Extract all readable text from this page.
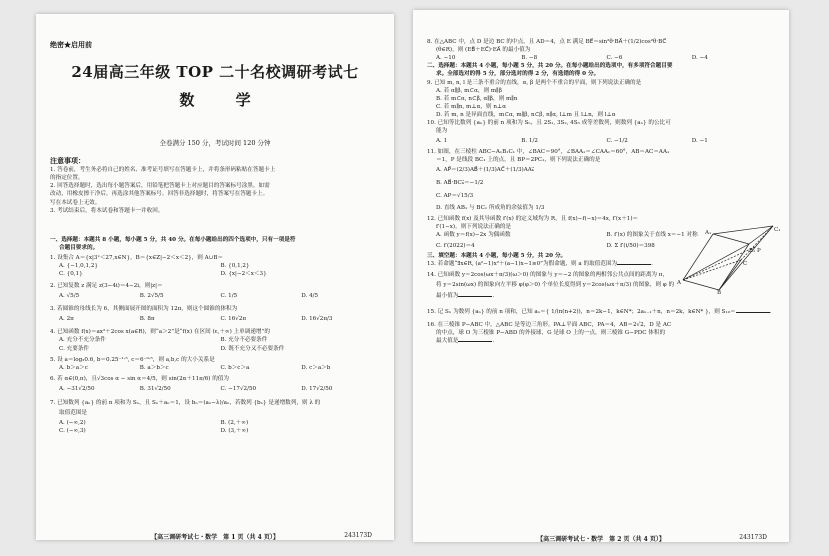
绝密★启用前
24届高三年级 TOP 二十名校调研考试七
数 学
全卷满分 150 分，考试时间 120 分钟

注意事项：

1. 答卷前，考生务必将自己的姓名、准考证号填写在答题卡上，并将条形码粘贴在答题卡上

的指定位置。

2. 回答选择题时，选出每小题答案后，用铅笔把答题卡上对应题目的答案标号涂黑。如需

改动，用橡皮擦干净后，再选涂其他答案标号。回答非选择题时，将答案写在答题卡上。

写在本试卷上无效。

3. 考试结束后，将本试卷和答题卡一并收回。

一、选择题：本题共 8 小题，每小题 5 分，共 40 分。在每小题给出的四个选项中，只有一项是符

合题目要求的。

1. 设集合 A＝{x|3ˣ＜27,x∈N}，B＝{x∈Z|−2＜x＜2}，则 A∪B＝

A. {−1,0,1,2}	B. {0,1,2}
C. {0,1}	D. {x|−2＜x＜3}

2. 已知复数 z 满足 z(3−4i)＝4−2i，则|z|＝

A. √5/5	B. 2√5/5	C. 1/5	D. 4/5

3. 若圆锥的母线长为 6，其侧面展开图的面积为 12π，则这个圆锥的体积为

A. 2π	B. 8π	C. 16√2π	D. 16√2π/3

4. 已知函数 f(x)＝ax²＋2cos x(a∈R)，则“a＞2”是“f(x) 在区间 (ε,＋∞) 上单调递增”的

A. 充分不充分条件	B. 充分不必要条件
C. 充要条件	D. 既不充分又不必要条件

5. 设 a＝log₃0.6, b＝0.25⁻¹·⁵, c＝6⁻⁰·⁵，则 a,b,c 的大小关系是

A. b＞a＞c	B. a＞b＞c	C. b＞c＞a	D. c＞a＞b

6. 若 α∈(0,π)，且√3cos α − sin α＝4/5，则 sin(2α＋11π/6) 的值为

A. −31√2/50	B. 31√2/50	C. −17√2/50	D. 17√2/50

7. 已知数列 {aₙ} 的前 n 项和为 Sₙ，且 Sₙ＋aₙ＝1，设 bₙ＝(aₙ−λ)/aₙ，若数列 {bₙ} 是递增数列，则 λ 的

取值范围是

A. (−∞,2)	B. (2,＋∞)
C. (−∞,3)	D. (3,＋∞)
【高三调研考试七・数学　第 1 页（共 4 页）】	243173D

8. 在△ABC 中，点 D 是边 BC 的中点，且 AD＝4，点 E 满足 BE⃗＝sin²θ·BA⃗＋(1/2)cos²θ·BC⃗

(θ∈R)，则 (EB⃗＋EC⃗)·EA⃗ 的最小值为

A. −10	B. −8	C. −6	D. −4

二、选择题：本题共 4 小题，每小题 5 分，共 20 分。在每小题给出的选项中，有多项符合题目要

求。全部选对的得 5 分，部分选对的得 2 分，有选错的得 0 分。

9. 已知 m, n, l 是三条不重合的直线，α, β 是两个不重合的平面，则下列说法正确的是

A. 若 α∥β, m⊂α，则 m∥β

B. 若 m⊂α, n⊂β, α∥β，则 m∥n

C. 若 m∥n, m⊥α，则 n⊥α

D. 若 m, n 是异面直线，m⊂α, m∥β, n⊂β, n∥α, l⊥m 且 l⊥n，则 l⊥α

10. 已知等比数列 {aₙ} 的前 n 项和为 Sₙ，且 2S₁, 3S₂, 4S₃ 成等差数列，则数列 {aₙ} 的公比可

能为

A. 1	B. 1/2	C. −1/2	D. −1

11. 如图，在三棱柱 ABC−A₁B₁C₁ 中，∠BAC＝90°，∠BAA₁＝∠CAA₁＝60°，AB＝AC＝AA₁

＝1，P 是线段 BC₁ 上的点，且 BP＝2PC₁，则下列说法正确的是

A. AP⃗＝(2/3)AB⃗＋(1/3)AC⃗＋(1/3)AA₁⃗

B. AB⃗·BC₁⃗＝−1/2

C. AP＝√15/3

D. 直线 AB₁ 与 BC₁ 所成角的余弦值为 1/3

12. 已知函数 f(x) 及其导函数 f′(x) 的定义域均为 R，且 f(x)−f(−x)＝4x, f′(x＋1)＝

f′(1−x)，则下列说法正确的是

A. 函数 y＝f(x)−2x 为偶函数	B. f′(x) 的图象关于直线 x＝−1 对称
C. f′(2022)＝4	D. Σ f′(i/50)＝398

三、填空题：本题共 4 小题，每小题 5 分，共 20 分。

13. 若命题“∃x∈R, (a²−1)x²＋(a−1)x−1≥0”为假命题，则 a 的取值范围为	.

14. 已知函数 y＝2cos(ωx＋π/3)(ω＞0) 的图象与 y＝−2 的图象的两相邻公共点间的距离为 π，

将 y＝2sin(ωx) 的图象向左平移 φ(φ＞0) 个单位长度得到 y＝2cos(ωx＋π/3) 的图象，则 φ 的

最小值为	.

15. 记 Sₙ 为数列 {aₙ} 的前 n 项和，已知 aₙ＝{ 1/(n(n+2))，n＝2k−1，k∈N*；2aₙ₋₁＋n，n＝2k，k∈N* }，则 S₁₀＝	.

16. 在三棱锥 P−ABC 中，△ABC 是等边三角形，PA⊥平面 ABC，PA＝4，AB＝2√2，D 是 AC

的中点，球 O 为三棱锥 P−ABD 的外接球，G 是球 O 上的一点，则三棱锥 G−PDC 体积的

最大值是	.

A
B
C
A₁
B₁
C₁
P
【高三调研考试七・数学　第 2 页（共 4 页）】	243173D
